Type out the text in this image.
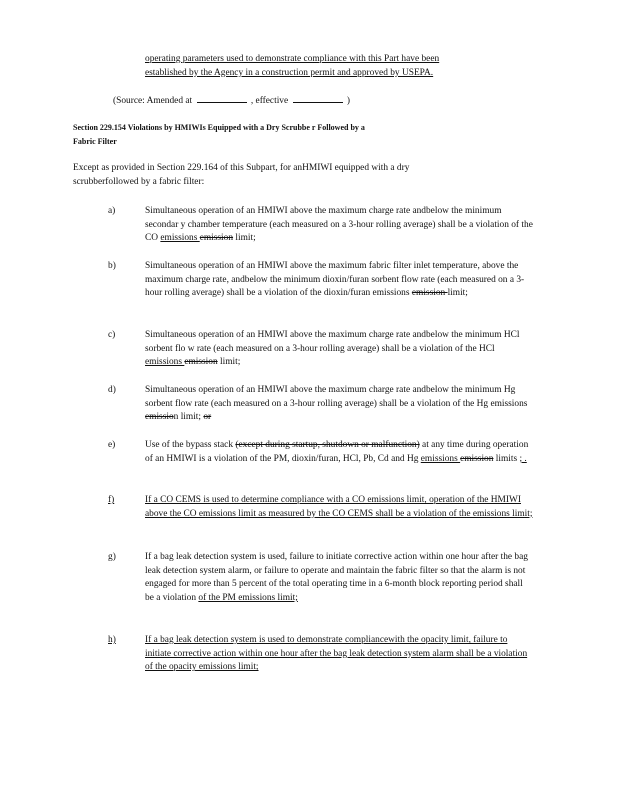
operating parameters used to demonstrate compliance with this Part have been
established by the Agency in a construction permit and approved by USEPA.
(Source: Amended at	, effective	)
Section 229.154 Violations by HMIWIs Equipped with a Dry Scrubbe r Followed by a
Fabric Filter
Except as provided in Section 229.164 of this Subpart, for anHMIWI equipped with a dry
scrubberfollowed by a fabric filter:
a)	Simultaneous operation of an HMIWI above the maximum charge rate andbelow the minimum secondar y chamber temperature (each measured on a 3-hour rolling average) shall be a violation of the CO emissions emission limit;
b)	Simultaneous operation of an HMIWI above the maximum fabric filter inlet temperature, above the maximum charge rate, andbelow the minimum dioxin/furan sorbent flow rate (each measured on a 3-hour rolling average) shall be a violation of the dioxin/furan emissions emission limit;
c)	Simultaneous operation of an HMIWI above the maximum charge rate andbelow the minimum HCl sorbent flo w rate (each measured on a 3-hour rolling average) shall be a violation of the HCl emissions emission limit;
d)	Simultaneous operation of an HMIWI above the maximum charge rate andbelow the minimum Hg sorbent flow rate (each measured on a 3-hour rolling average) shall be a violation of the Hg emissions emission limit; or
e)	Use of the bypass stack (except during startup, shutdown or malfunction) at any time during operation of an HMIWI is a violation of the PM, dioxin/furan, HCl, Pb, Cd and Hg emissions emission limits ; .
f)	If a CO CEMS is used to determine compliance with a CO emissions limit, operation of the HMIWI above the CO emissions limit as measured by the CO CEMS shall be a violation of the emissions limit;
g)	If a bag leak detection system is used, failure to initiate corrective action within one hour after the bag leak detection system alarm, or failure to operate and maintain the fabric filter so that the alarm is not engaged for more than 5 percent of the total operating time in a 6-month block reporting period shall be a violation of the PM emissions limit;
h)	If a bag leak detection system is used to demonstrate compliancewith the opacity limit, failure to initiate corrective action within one hour after the bag leak detection system alarm shall be a violation of the opacity emissions limit;
